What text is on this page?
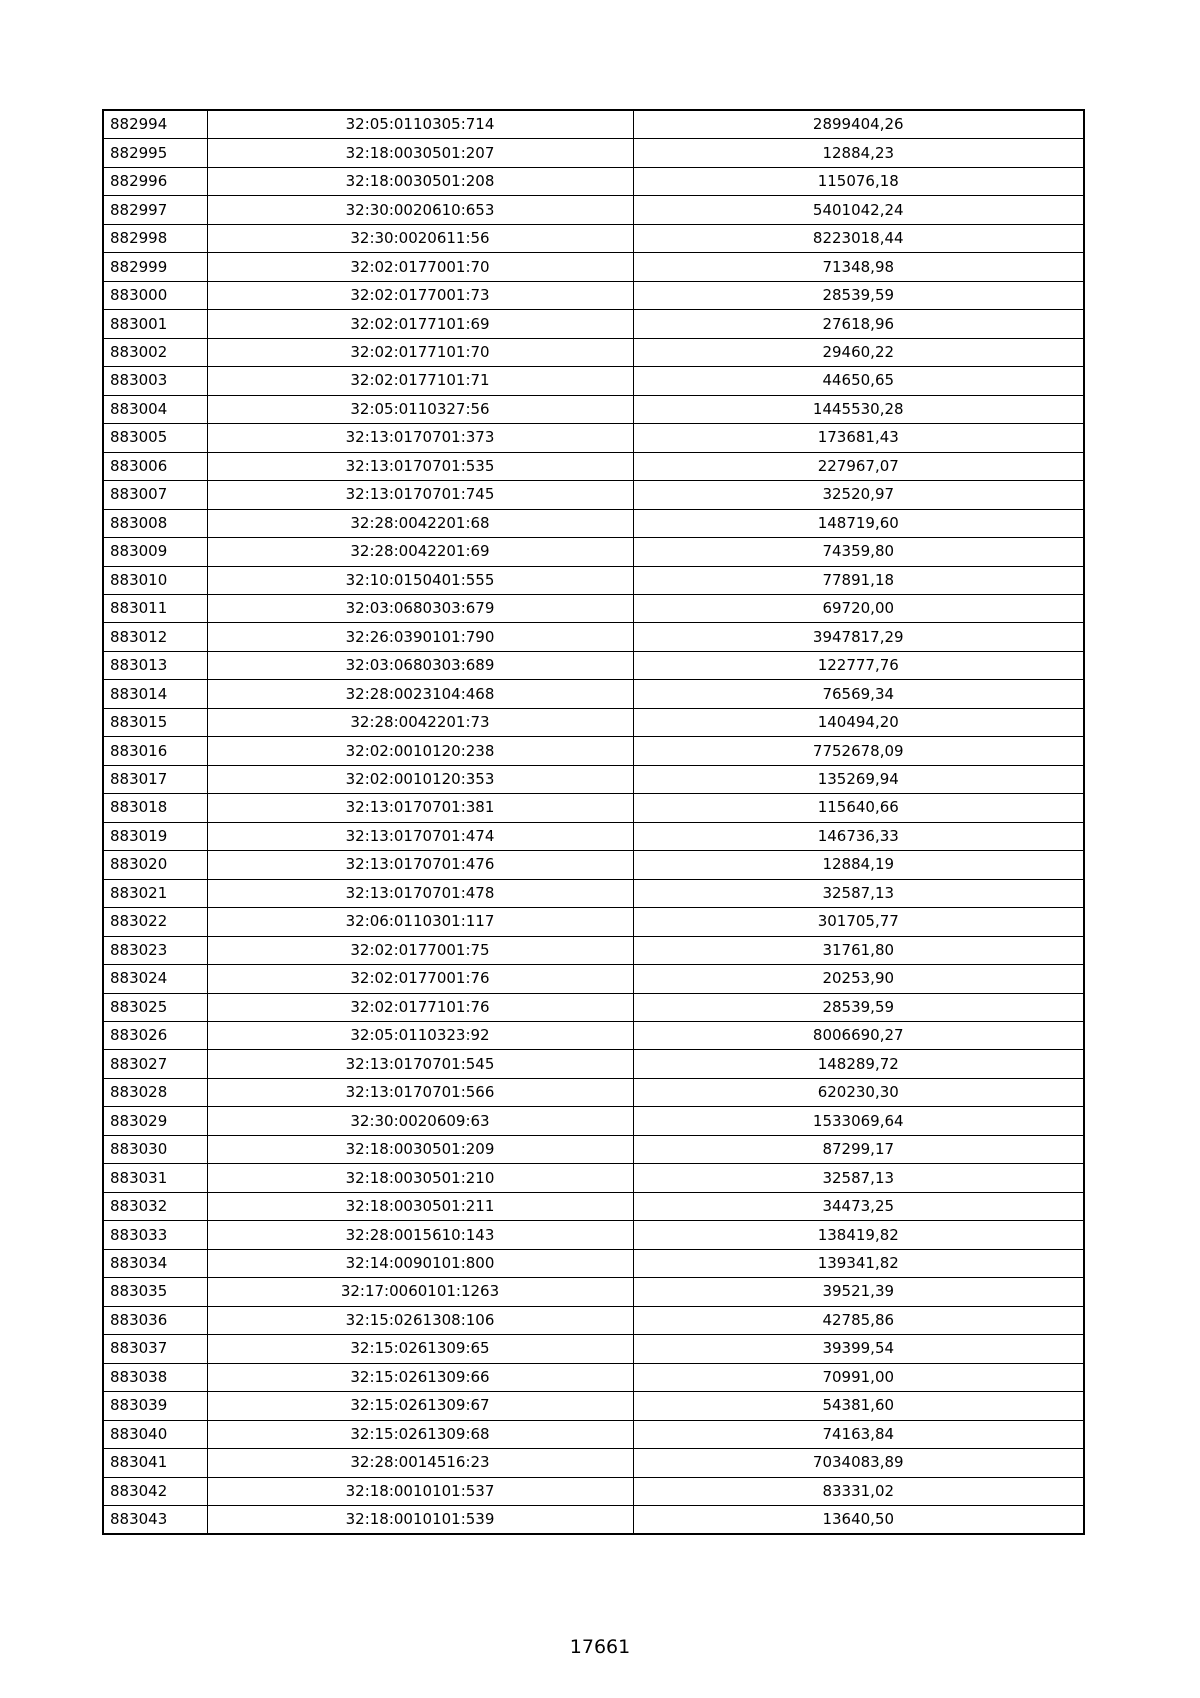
882994	32:05:0110305:714	2899404,26
882995	32:18:0030501:207	12884,23
882996	32:18:0030501:208	115076,18
882997	32:30:0020610:653	5401042,24
882998	32:30:0020611:56	8223018,44
882999	32:02:0177001:70	71348,98
883000	32:02:0177001:73	28539,59
883001	32:02:0177101:69	27618,96
883002	32:02:0177101:70	29460,22
883003	32:02:0177101:71	44650,65
883004	32:05:0110327:56	1445530,28
883005	32:13:0170701:373	173681,43
883006	32:13:0170701:535	227967,07
883007	32:13:0170701:745	32520,97
883008	32:28:0042201:68	148719,60
883009	32:28:0042201:69	74359,80
883010	32:10:0150401:555	77891,18
883011	32:03:0680303:679	69720,00
883012	32:26:0390101:790	3947817,29
883013	32:03:0680303:689	122777,76
883014	32:28:0023104:468	76569,34
883015	32:28:0042201:73	140494,20
883016	32:02:0010120:238	7752678,09
883017	32:02:0010120:353	135269,94
883018	32:13:0170701:381	115640,66
883019	32:13:0170701:474	146736,33
883020	32:13:0170701:476	12884,19
883021	32:13:0170701:478	32587,13
883022	32:06:0110301:117	301705,77
883023	32:02:0177001:75	31761,80
883024	32:02:0177001:76	20253,90
883025	32:02:0177101:76	28539,59
883026	32:05:0110323:92	8006690,27
883027	32:13:0170701:545	148289,72
883028	32:13:0170701:566	620230,30
883029	32:30:0020609:63	1533069,64
883030	32:18:0030501:209	87299,17
883031	32:18:0030501:210	32587,13
883032	32:18:0030501:211	34473,25
883033	32:28:0015610:143	138419,82
883034	32:14:0090101:800	139341,82
883035	32:17:0060101:1263	39521,39
883036	32:15:0261308:106	42785,86
883037	32:15:0261309:65	39399,54
883038	32:15:0261309:66	70991,00
883039	32:15:0261309:67	54381,60
883040	32:15:0261309:68	74163,84
883041	32:28:0014516:23	7034083,89
883042	32:18:0010101:537	83331,02
883043	32:18:0010101:539	13640,50
17661
